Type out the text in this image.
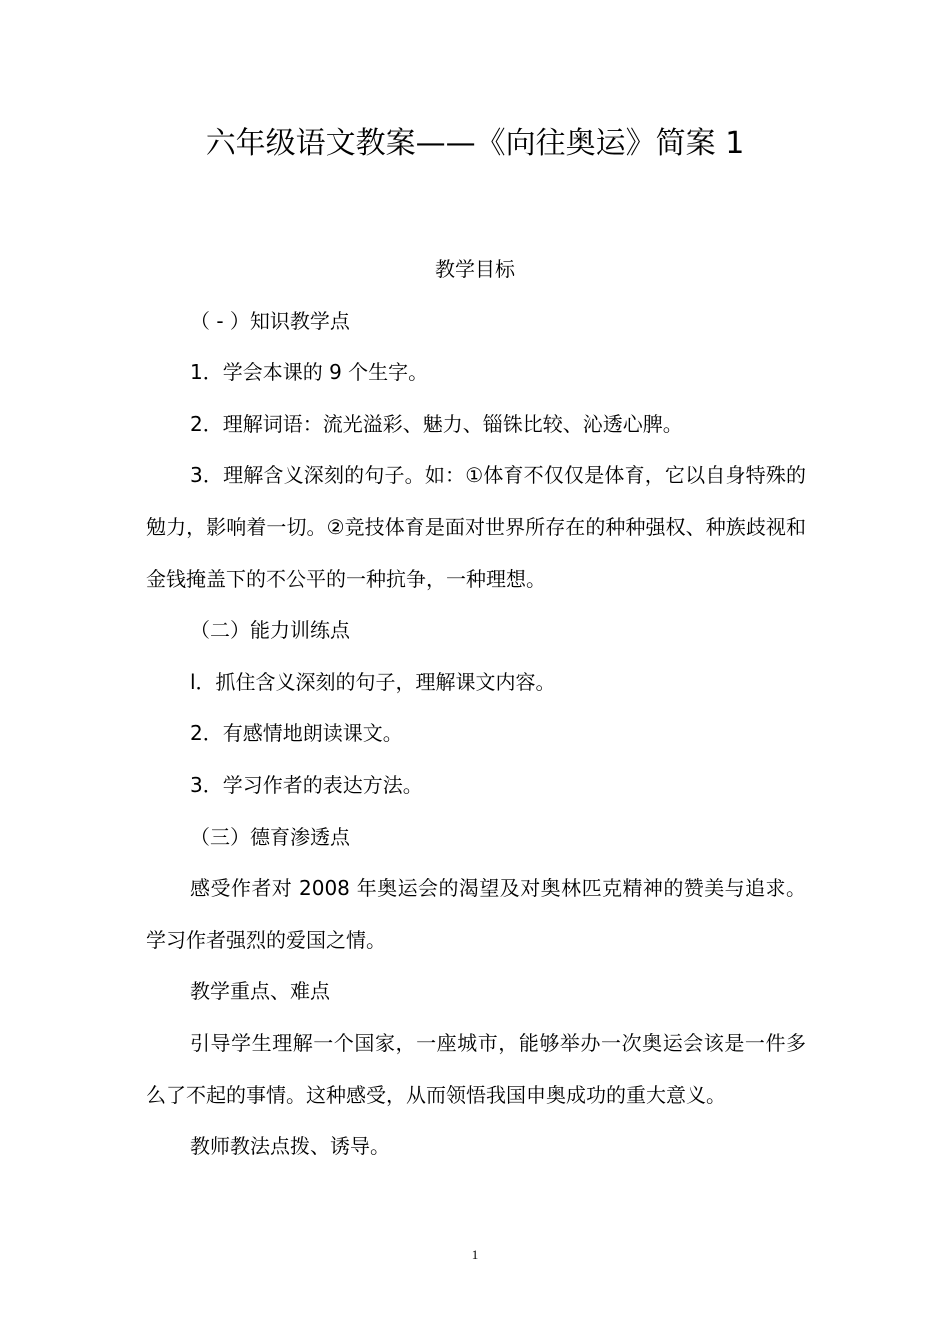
六年级语文教案——《向往奥运》简案 1

教学目标

（ - ）知识教学点

1．学会本课的 9 个生字。

2．理解词语：流光溢彩、魅力、锱铢比较、沁透心脾。

3．理解含义深刻的句子。如：①体育不仅仅是体育，它以自身特殊的勉力，影响着一切。②竞技体育是面对世界所存在的种种强权、种族歧视和金钱掩盖下的不公平的一种抗争，一种理想。

（二）能力训练点

l．抓住含义深刻的句子，理解课文内容。

2．有感情地朗读课文。

3．学习作者的表达方法。

（三）德育渗透点

感受作者对 2008 年奥运会的渴望及对奥林匹克精神的赞美与追求。学习作者强烈的爱国之情。

教学重点、难点

引导学生理解一个国家，一座城市，能够举办一次奥运会该是一件多么了不起的事情。这种感受，从而领悟我国申奥成功的重大意义。

教师教法点拨、诱导。

1
